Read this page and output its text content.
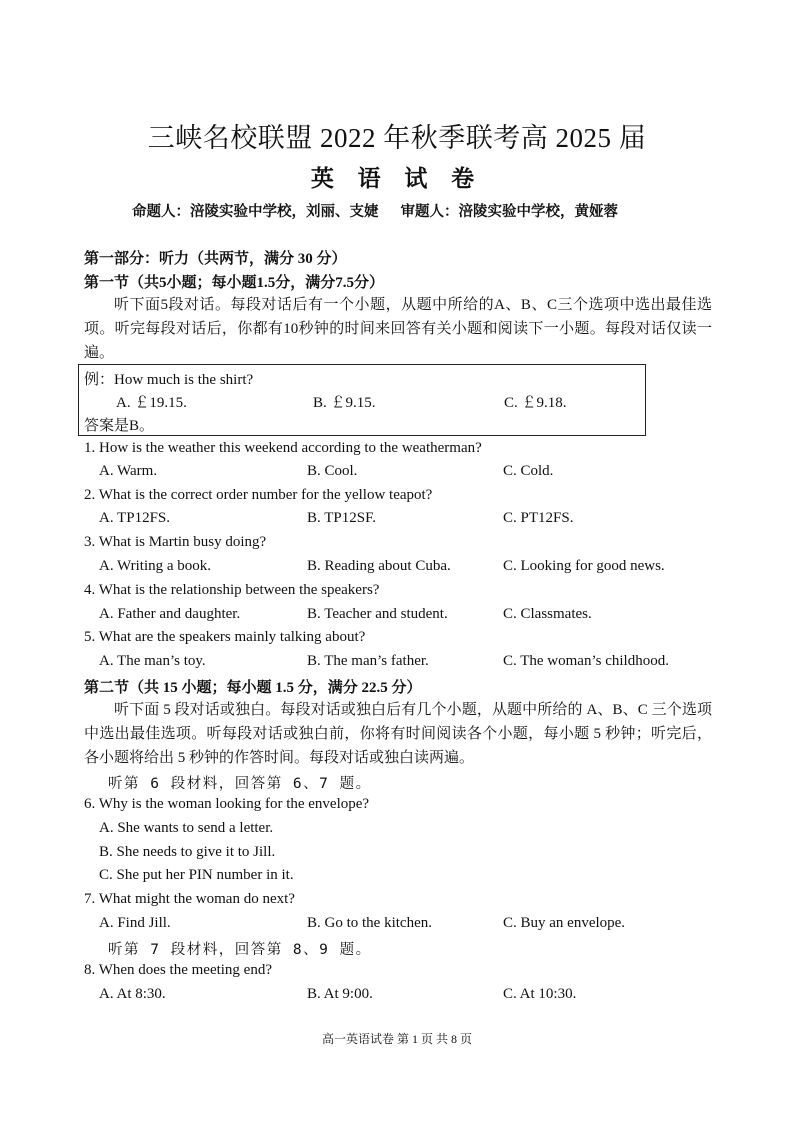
三峡名校联盟 2022 年秋季联考高 2025 届
英 语 试 卷
命题人：涪陵实验中学校，刘丽、支婕 审题人：涪陵实验中学校，黄娅蓉
第一部分：听力（共两节，满分 30 分）
第一节（共5小题；每小题1.5分，满分7.5分）
听下面5段对话。每段对话后有一个小题，从题中所给的A、B、C三个选项中选出最佳选项。听完每段对话后，你都有10秒钟的时间来回答有关小题和阅读下一小题。每段对话仅读一遍。
例：How much is the shirt?
A. ￡19.15.	B. ￡9.15.	C. ￡9.18.
答案是B。
1. How is the weather this weekend according to the weatherman?
A. Warm.	B. Cool.	C. Cold.
2. What is the correct order number for the yellow teapot?
A. TP12FS.	B. TP12SF.	C. PT12FS.
3. What is Martin busy doing?
A. Writing a book.	B. Reading about Cuba.	C. Looking for good news.
4. What is the relationship between the speakers?
A. Father and daughter.	B. Teacher and student.	C. Classmates.
5. What are the speakers mainly talking about?
A. The man’s toy.	B. The man’s father.	C. The woman’s childhood.
第二节（共 15 小题；每小题 1.5 分，满分 22.5 分）
听下面 5 段对话或独白。每段对话或独白后有几个小题，从题中所给的 A、B、C 三个选项中选出最佳选项。听每段对话或独白前，你将有时间阅读各个小题，每小题 5 秒钟；听完后，各小题将给出 5 秒钟的作答时间。每段对话或独白读两遍。
听第 6 段材料，回答第 6、7 题。
6. Why is the woman looking for the envelope?
A. She wants to send a letter.
B. She needs to give it to Jill.
C. She put her PIN number in it.
7. What might the woman do next?
A. Find Jill.	B. Go to the kitchen.	C. Buy an envelope.
听第 7 段材料，回答第 8、9 题。
8. When does the meeting end?
A. At 8:30.	B. At 9:00.	C. At 10:30.
高一英语试卷 第 1 页 共 8 页
